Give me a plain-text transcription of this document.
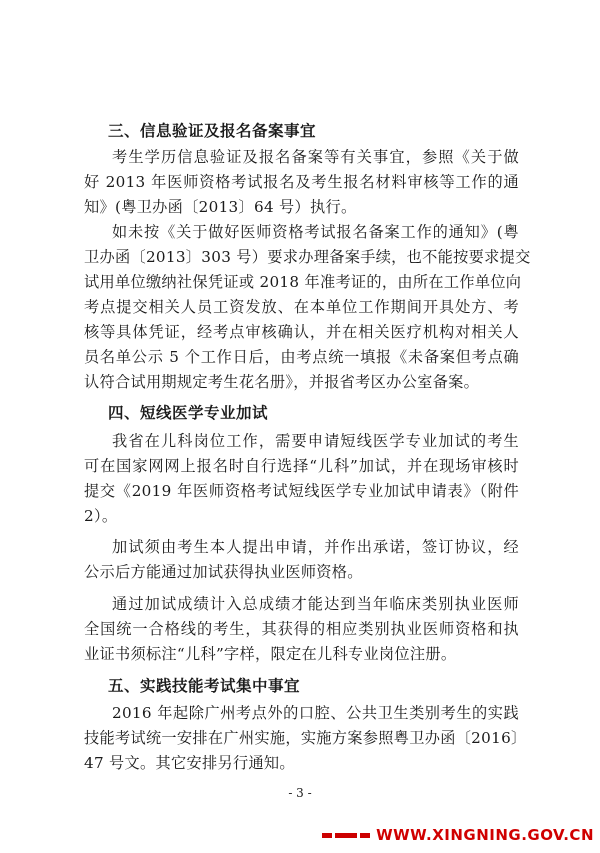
三、信息验证及报名备案事宜
考生学历信息验证及报名备案等有关事宜，参照《关于做
好 2013 年医师资格考试报名及考生报名材料审核等工作的通
知》(粤卫办函〔2013〕64 号）执行。
如未按《关于做好医师资格考试报名备案工作的通知》(粤
卫办函〔2013〕303 号）要求办理备案手续，也不能按要求提交
试用单位缴纳社保凭证或 2018 年准考证的，由所在工作单位向
考点提交相关人员工资发放、在本单位工作期间开具处方、考
核等具体凭证，经考点审核确认，并在相关医疗机构对相关人
员名单公示 5 个工作日后，由考点统一填报《未备案但考点确
认符合试用期规定考生花名册》，并报省考区办公室备案。
四、短线医学专业加试
我省在儿科岗位工作，需要申请短线医学专业加试的考生
可在国家网网上报名时自行选择“儿科”加试，并在现场审核时
提交《2019 年医师资格考试短线医学专业加试申请表》（附件
2）。
加试须由考生本人提出申请，并作出承诺，签订协议，经
公示后方能通过加试获得执业医师资格。
通过加试成绩计入总成绩才能达到当年临床类别执业医师
全国统一合格线的考生，其获得的相应类别执业医师资格和执
业证书须标注“儿科”字样，限定在儿科专业岗位注册。
五、实践技能考试集中事宜
2016 年起除广州考点外的口腔、公共卫生类别考生的实践
技能考试统一安排在广州实施，实施方案参照粤卫办函〔2016〕
47 号文。其它安排另行通知。
- 3 -
WWW.XINGNING.GOV.CN
